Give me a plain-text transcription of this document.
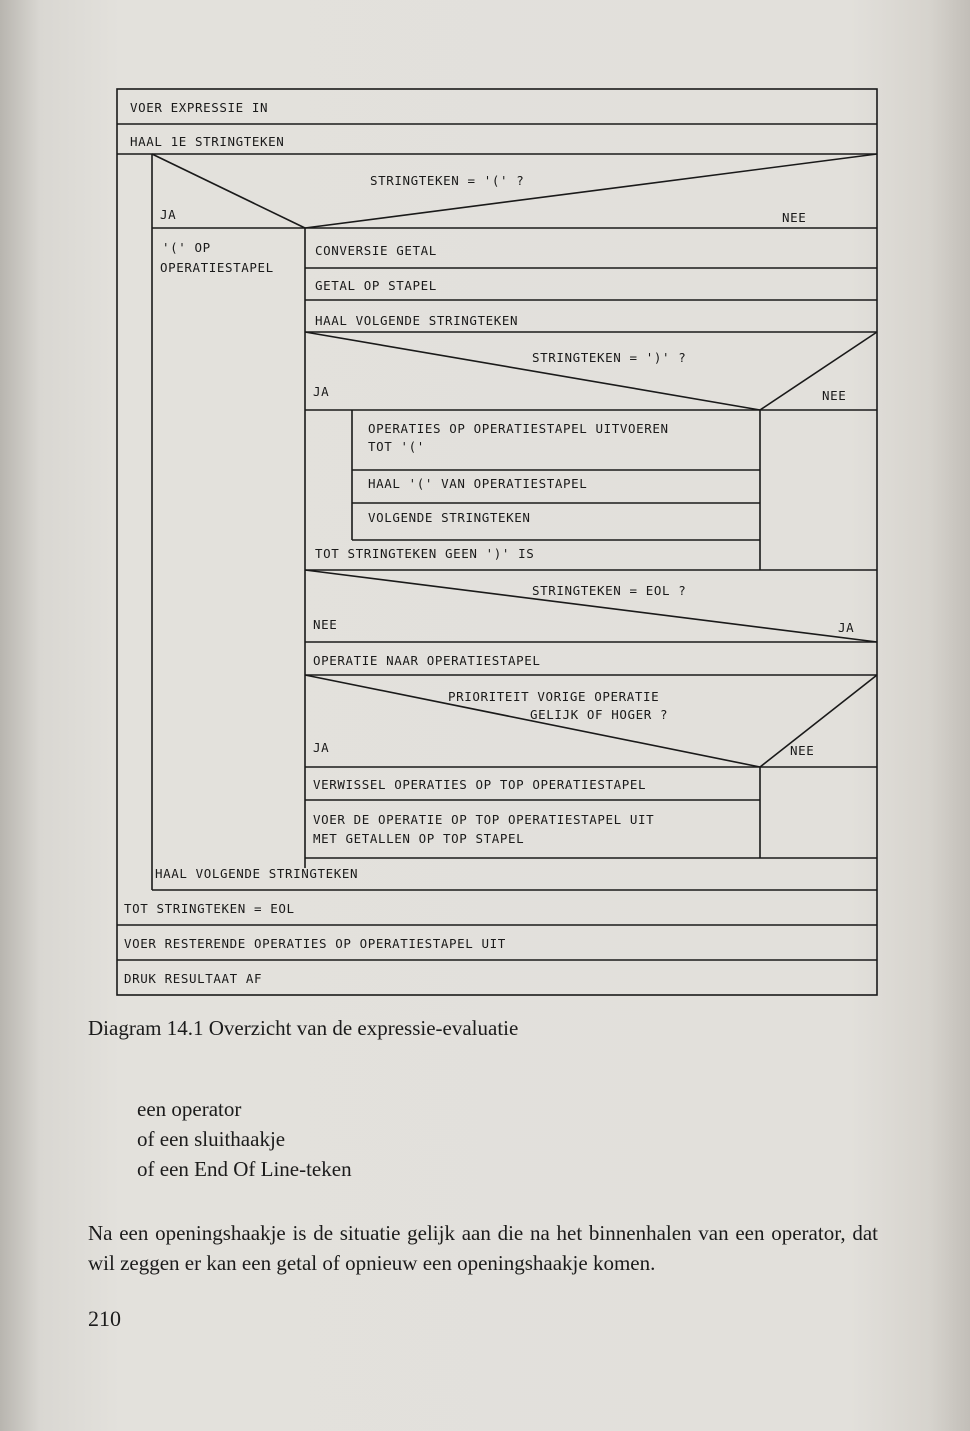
VOER EXPRESSIE IN
HAAL 1E STRINGTEKEN
STRINGTEKEN = '(' ?
JA	NEE
'(' OP
OPERATIESTAPEL
CONVERSIE GETAL
GETAL OP STAPEL
HAAL VOLGENDE STRINGTEKEN
STRINGTEKEN = ')' ?
JA	NEE
OPERATIES OP OPERATIESTAPEL UITVOEREN
TOT '('
HAAL '(' VAN OPERATIESTAPEL
VOLGENDE STRINGTEKEN
TOT STRINGTEKEN GEEN ')' IS
STRINGTEKEN = EOL ?
NEE	JA
OPERATIE NAAR OPERATIESTAPEL
PRIORITEIT VORIGE OPERATIE
GELIJK OF HOGER ?
JA	NEE
VERWISSEL OPERATIES OP TOP OPERATIESTAPEL
VOER DE OPERATIE OP TOP OPERATIESTAPEL UIT
MET GETALLEN OP TOP STAPEL
HAAL VOLGENDE STRINGTEKEN
TOT STRINGTEKEN = EOL
VOER RESTERENDE OPERATIES OP OPERATIESTAPEL UIT
DRUK RESULTAAT AF
Diagram 14.1 Overzicht van de expressie-evaluatie
een operator
of een sluithaakje
of een End Of Line-teken
Na een openingshaakje is de situatie gelijk aan die na het binnenhalen van een operator, dat wil zeggen er kan een getal of opnieuw een openingshaakje komen.
210
